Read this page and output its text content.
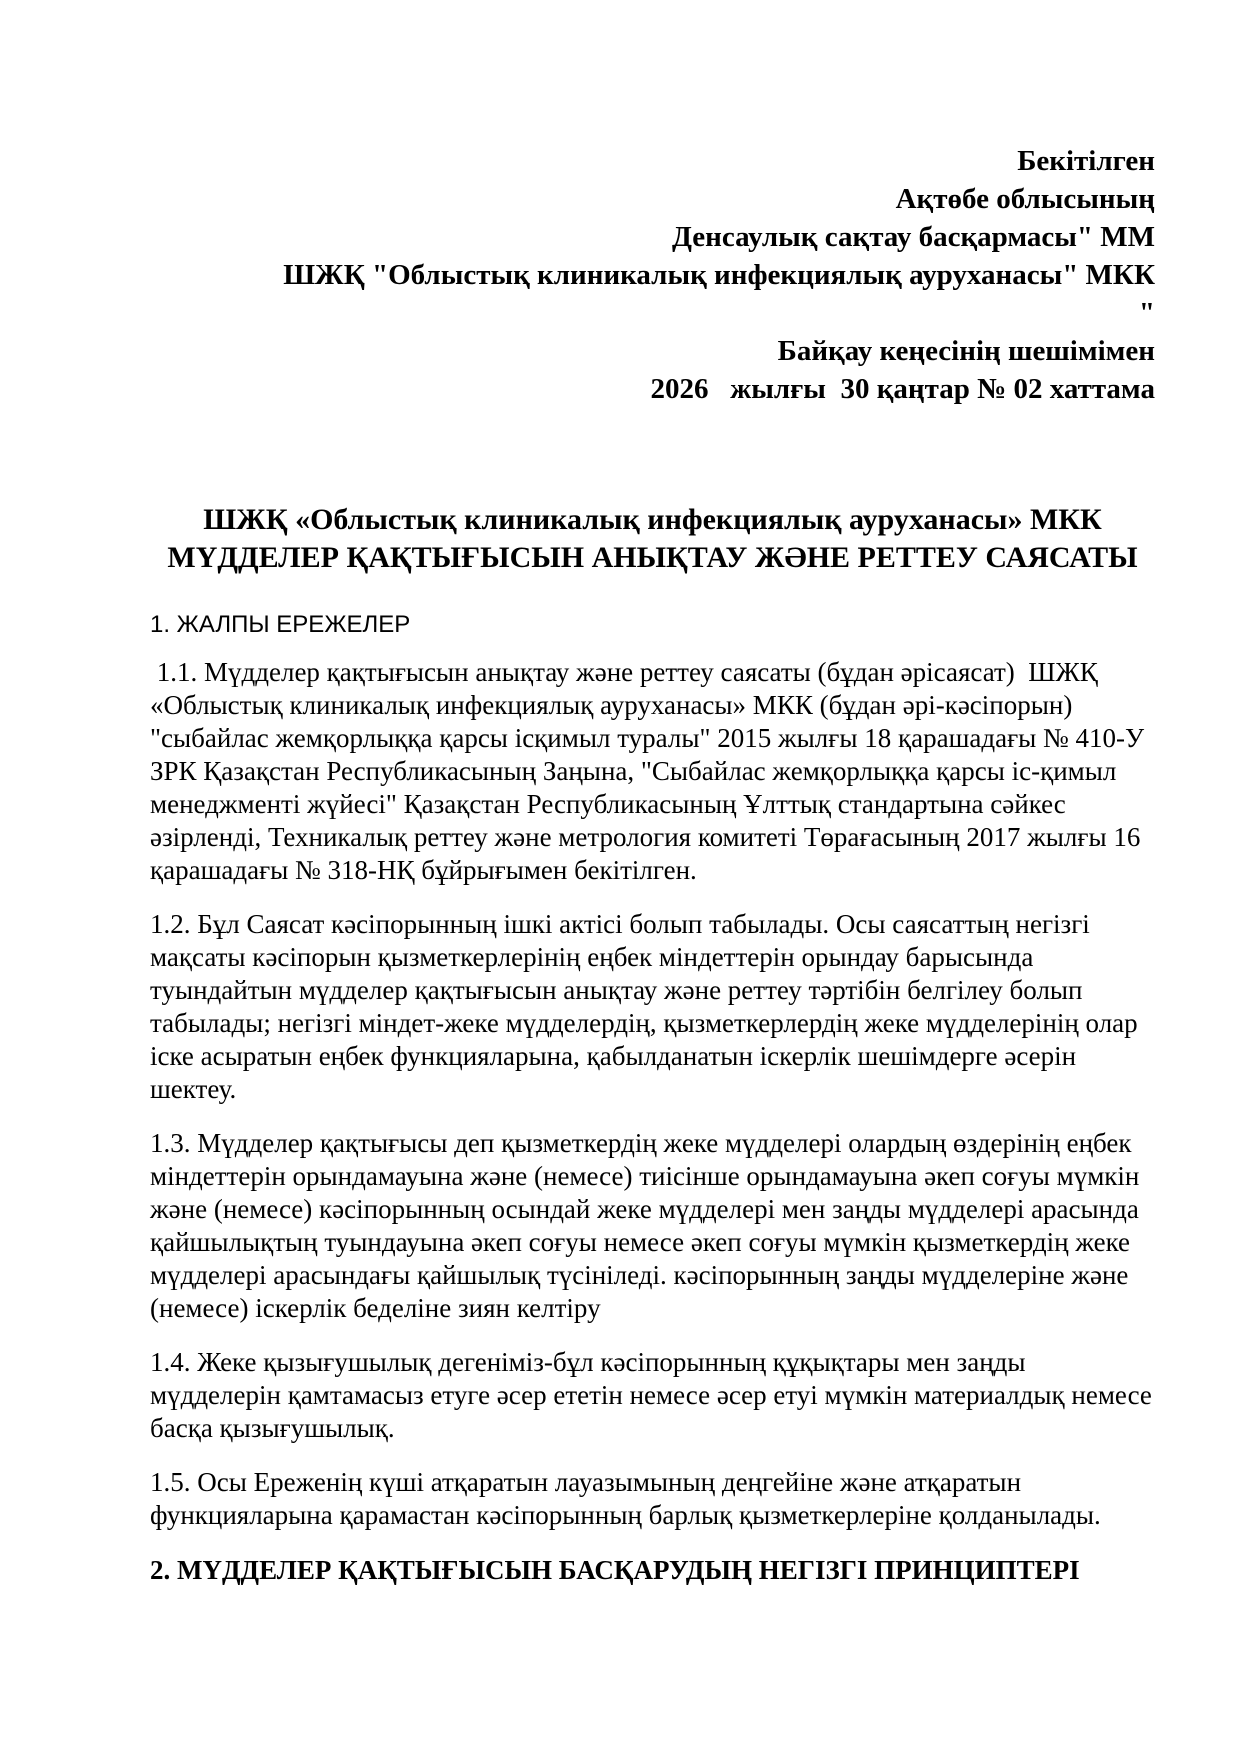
Бекітілген
Ақтөбе облысының
Денсаулық сақтау басқармасы" ММ
ШЖҚ "Облыстық клиникалық инфекциялық ауруханасы" МКК
"
Байқау кеңесінің шешімімен
2026   жылғы  30 қаңтар № 02 хаттама
ШЖҚ «Облыстық клиникалық инфекциялық ауруханасы» МКК
МҮДДЕЛЕР ҚАҚТЫҒЫСЫН АНЫҚТАУ ЖӘНЕ РЕТТЕУ САЯСАТЫ
1. ЖАЛПЫ ЕРЕЖЕЛЕР

1.1. Мүдделер қақтығысын анықтау және реттеу саясаты (бұдан әрісаясат)  ШЖҚ «Облыстық клиникалық инфекциялық ауруханасы» МКК (бұдан әрі-кәсіпорын) "сыбайлас жемқорлыққа қарсы ісқимыл туралы" 2015 жылғы 18 қарашадағы № 410-У ЗРК Қазақстан Республикасының Заңына, "Сыбайлас жемқорлыққа қарсы іс-қимыл менеджменті жүйесі" Қазақстан Республикасының Ұлттық стандартына сәйкес әзірленді, Техникалық реттеу және метрология комитеті Төрағасының 2017 жылғы 16 қарашадағы № 318-НҚ бұйрығымен бекітілген.

1.2. Бұл Саясат кәсіпорынның ішкі актісі болып табылады. Осы саясаттың негізгі мақсаты кәсіпорын қызметкерлерінің еңбек міндеттерін орындау барысында туындайтын мүдделер қақтығысын анықтау және реттеу тәртібін белгілеу болып табылады; негізгі міндет-жеке мүдделердің, қызметкерлердің жеке мүдделерінің олар іске асыратын еңбек функцияларына, қабылданатын іскерлік шешімдерге әсерін шектеу.

1.3. Мүдделер қақтығысы деп қызметкердің жеке мүдделері олардың өздерінің еңбек міндеттерін орындамауына және (немесе) тиісінше орындамауына әкеп соғуы мүмкін және (немесе) кәсіпорынның осындай жеке мүдделері мен заңды мүдделері арасында қайшылықтың туындауына әкеп соғуы немесе әкеп соғуы мүмкін қызметкердің жеке мүдделері арасындағы қайшылық түсініледі. кәсіпорынның заңды мүдделеріне және (немесе) іскерлік беделіне зиян келтіру

1.4. Жеке қызығушылық дегеніміз-бұл кәсіпорынның құқықтары мен заңды мүдделерін қамтамасыз етуге әсер ететін немесе әсер етуі мүмкін материалдық немесе басқа қызығушылық.

1.5. Осы Ереженің күші атқаратын лауазымының деңгейіне және атқаратын функцияларына қарамастан кәсіпорынның барлық қызметкерлеріне қолданылады.

2. МҮДДЕЛЕР ҚАҚТЫҒЫСЫН БАСҚАРУДЫҢ НЕГІЗГІ ПРИНЦИПТЕРІ
